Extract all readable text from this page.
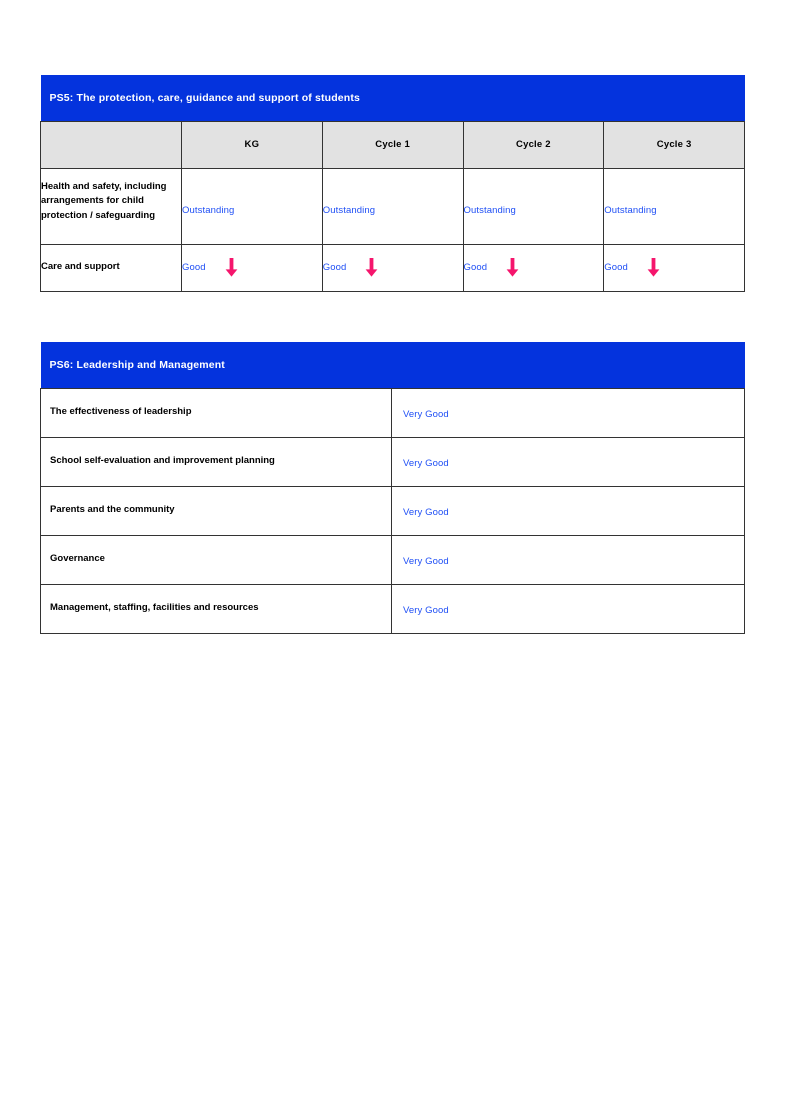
PS5: The protection, care, guidance and support of students				

	KG	Cycle 1	Cycle 2	Cycle 3
Health and safety, including arrangements for child protection / safeguarding	Outstanding	Outstanding	Outstanding	Outstanding

Care and support	Good	Good	Good	Good
PS6: Leadership and Management	

The effectiveness of leadership	Very Good
School self-evaluation and improvement planning	Very Good
Parents and the community	Very Good
Governance	Very Good
Management, staffing, facilities and resources	Very Good
